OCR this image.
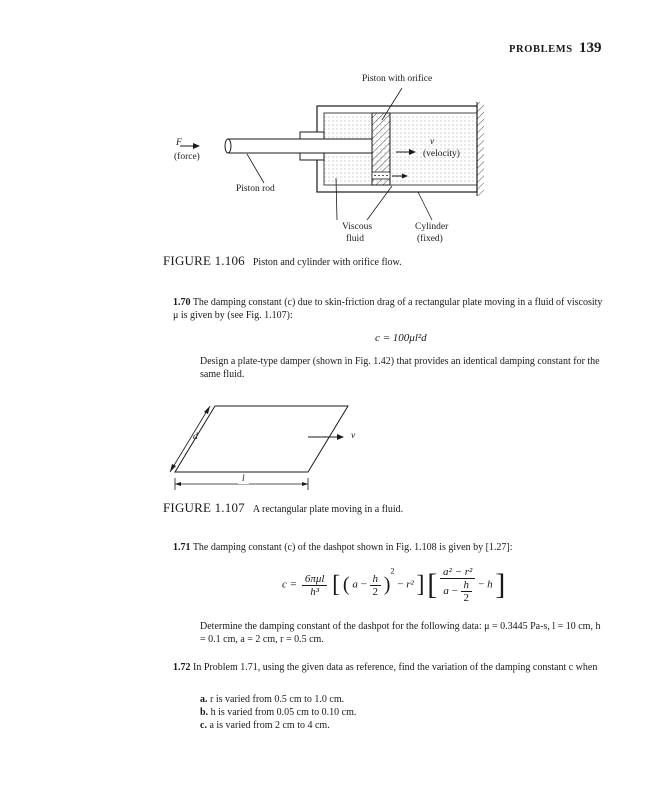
PROBLEMS 139
Piston with orifice
F
(force)
v
(velocity)
Piston rod
Viscous
fluid
Cylinder
(fixed)
FIGURE 1.106 Piston and cylinder with orifice flow.
1.70 The damping constant (c) due to skin-friction drag of a rectangular plate moving in a fluid of viscosity μ is given by (see Fig. 1.107):
c = 100μl²d
Design a plate-type damper (shown in Fig. 1.42) that provides an identical damping constant for the same fluid.
d	v
l
FIGURE 1.107 A rectangular plate moving in a fluid.
1.71 The damping constant (c) of the dashpot shown in Fig. 1.108 is given by [1.27]:
$c = \frac{\text{6πμl}}{\text{h³}}$ [ ( $a - \frac{h}{2} )^2 - r^2$ ] [ $\frac{\text{a² − r²}}{a - \frac{h}{2}} - h$ ]
Determine the damping constant of the dashpot for the following data: μ = 0.3445 Pa-s, l = 10 cm, h = 0.1 cm, a = 2 cm, r = 0.5 cm.
1.72 In Problem 1.71, using the given data as reference, find the variation of the damping constant c when
a. r is varied from 0.5 cm to 1.0 cm.
b. h is varied from 0.05 cm to 0.10 cm.
c. a is varied from 2 cm to 4 cm.
